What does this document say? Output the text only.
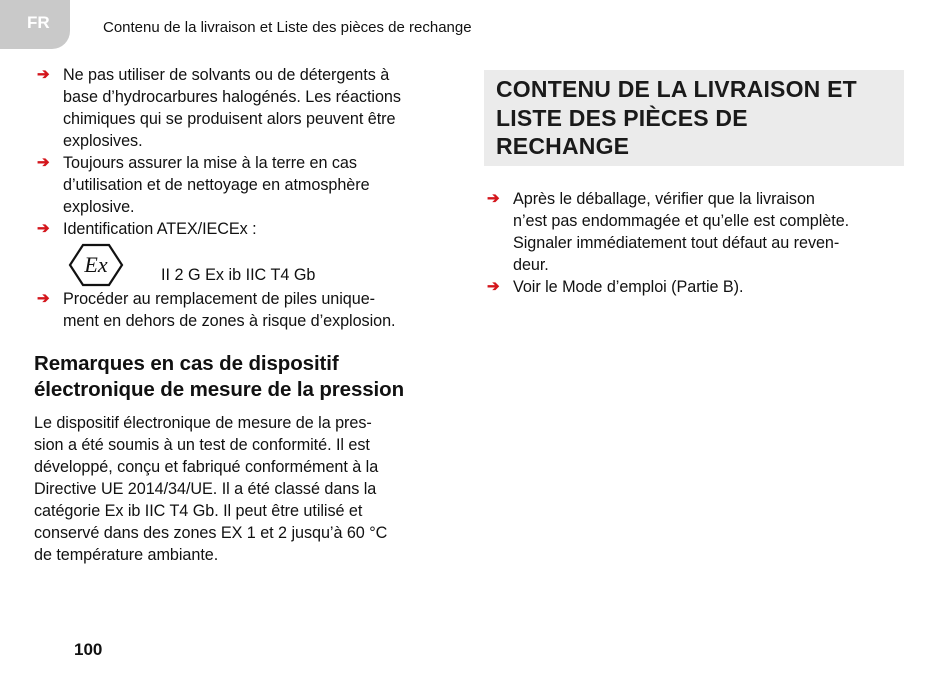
FR	Contenu de la livraison et Liste des pièces de rechange
➔ Ne pas utiliser de solvants ou de détergents à
base d’hydrocarbures halogénés. Les réactions
chimiques qui se produisent alors peuvent être
explosives.
➔ Toujours assurer la mise à la terre en cas
d’utilisation et de nettoyage en atmosphère
explosive.
➔ Identification ATEX/IECEx :
Ex	II 2 G Ex ib IIC T4 Gb
➔ Procéder au remplacement de piles unique-
ment en dehors de zones à risque d’explosion.
Remarques en cas de dispositif
électronique de mesure de la pression
Le dispositif électronique de mesure de la pres-
sion a été soumis à un test de conformité. Il est
développé, conçu et fabriqué conformément à la
Directive UE 2014/34/UE. Il a été classé dans la
catégorie Ex ib IIC T4 Gb. Il peut être utilisé et
conservé dans des zones EX 1 et 2 jusqu’à 60 °C
de température ambiante.
CONTENU DE LA LIVRAISON ET
LISTE DES PIÈCES DE
RECHANGE
➔ Après le déballage, vérifier que la livraison
n’est pas endommagée et qu’elle est complète.
Signaler immédiatement tout défaut au reven-
deur.
➔ Voir le Mode d’emploi (Partie B).
100
